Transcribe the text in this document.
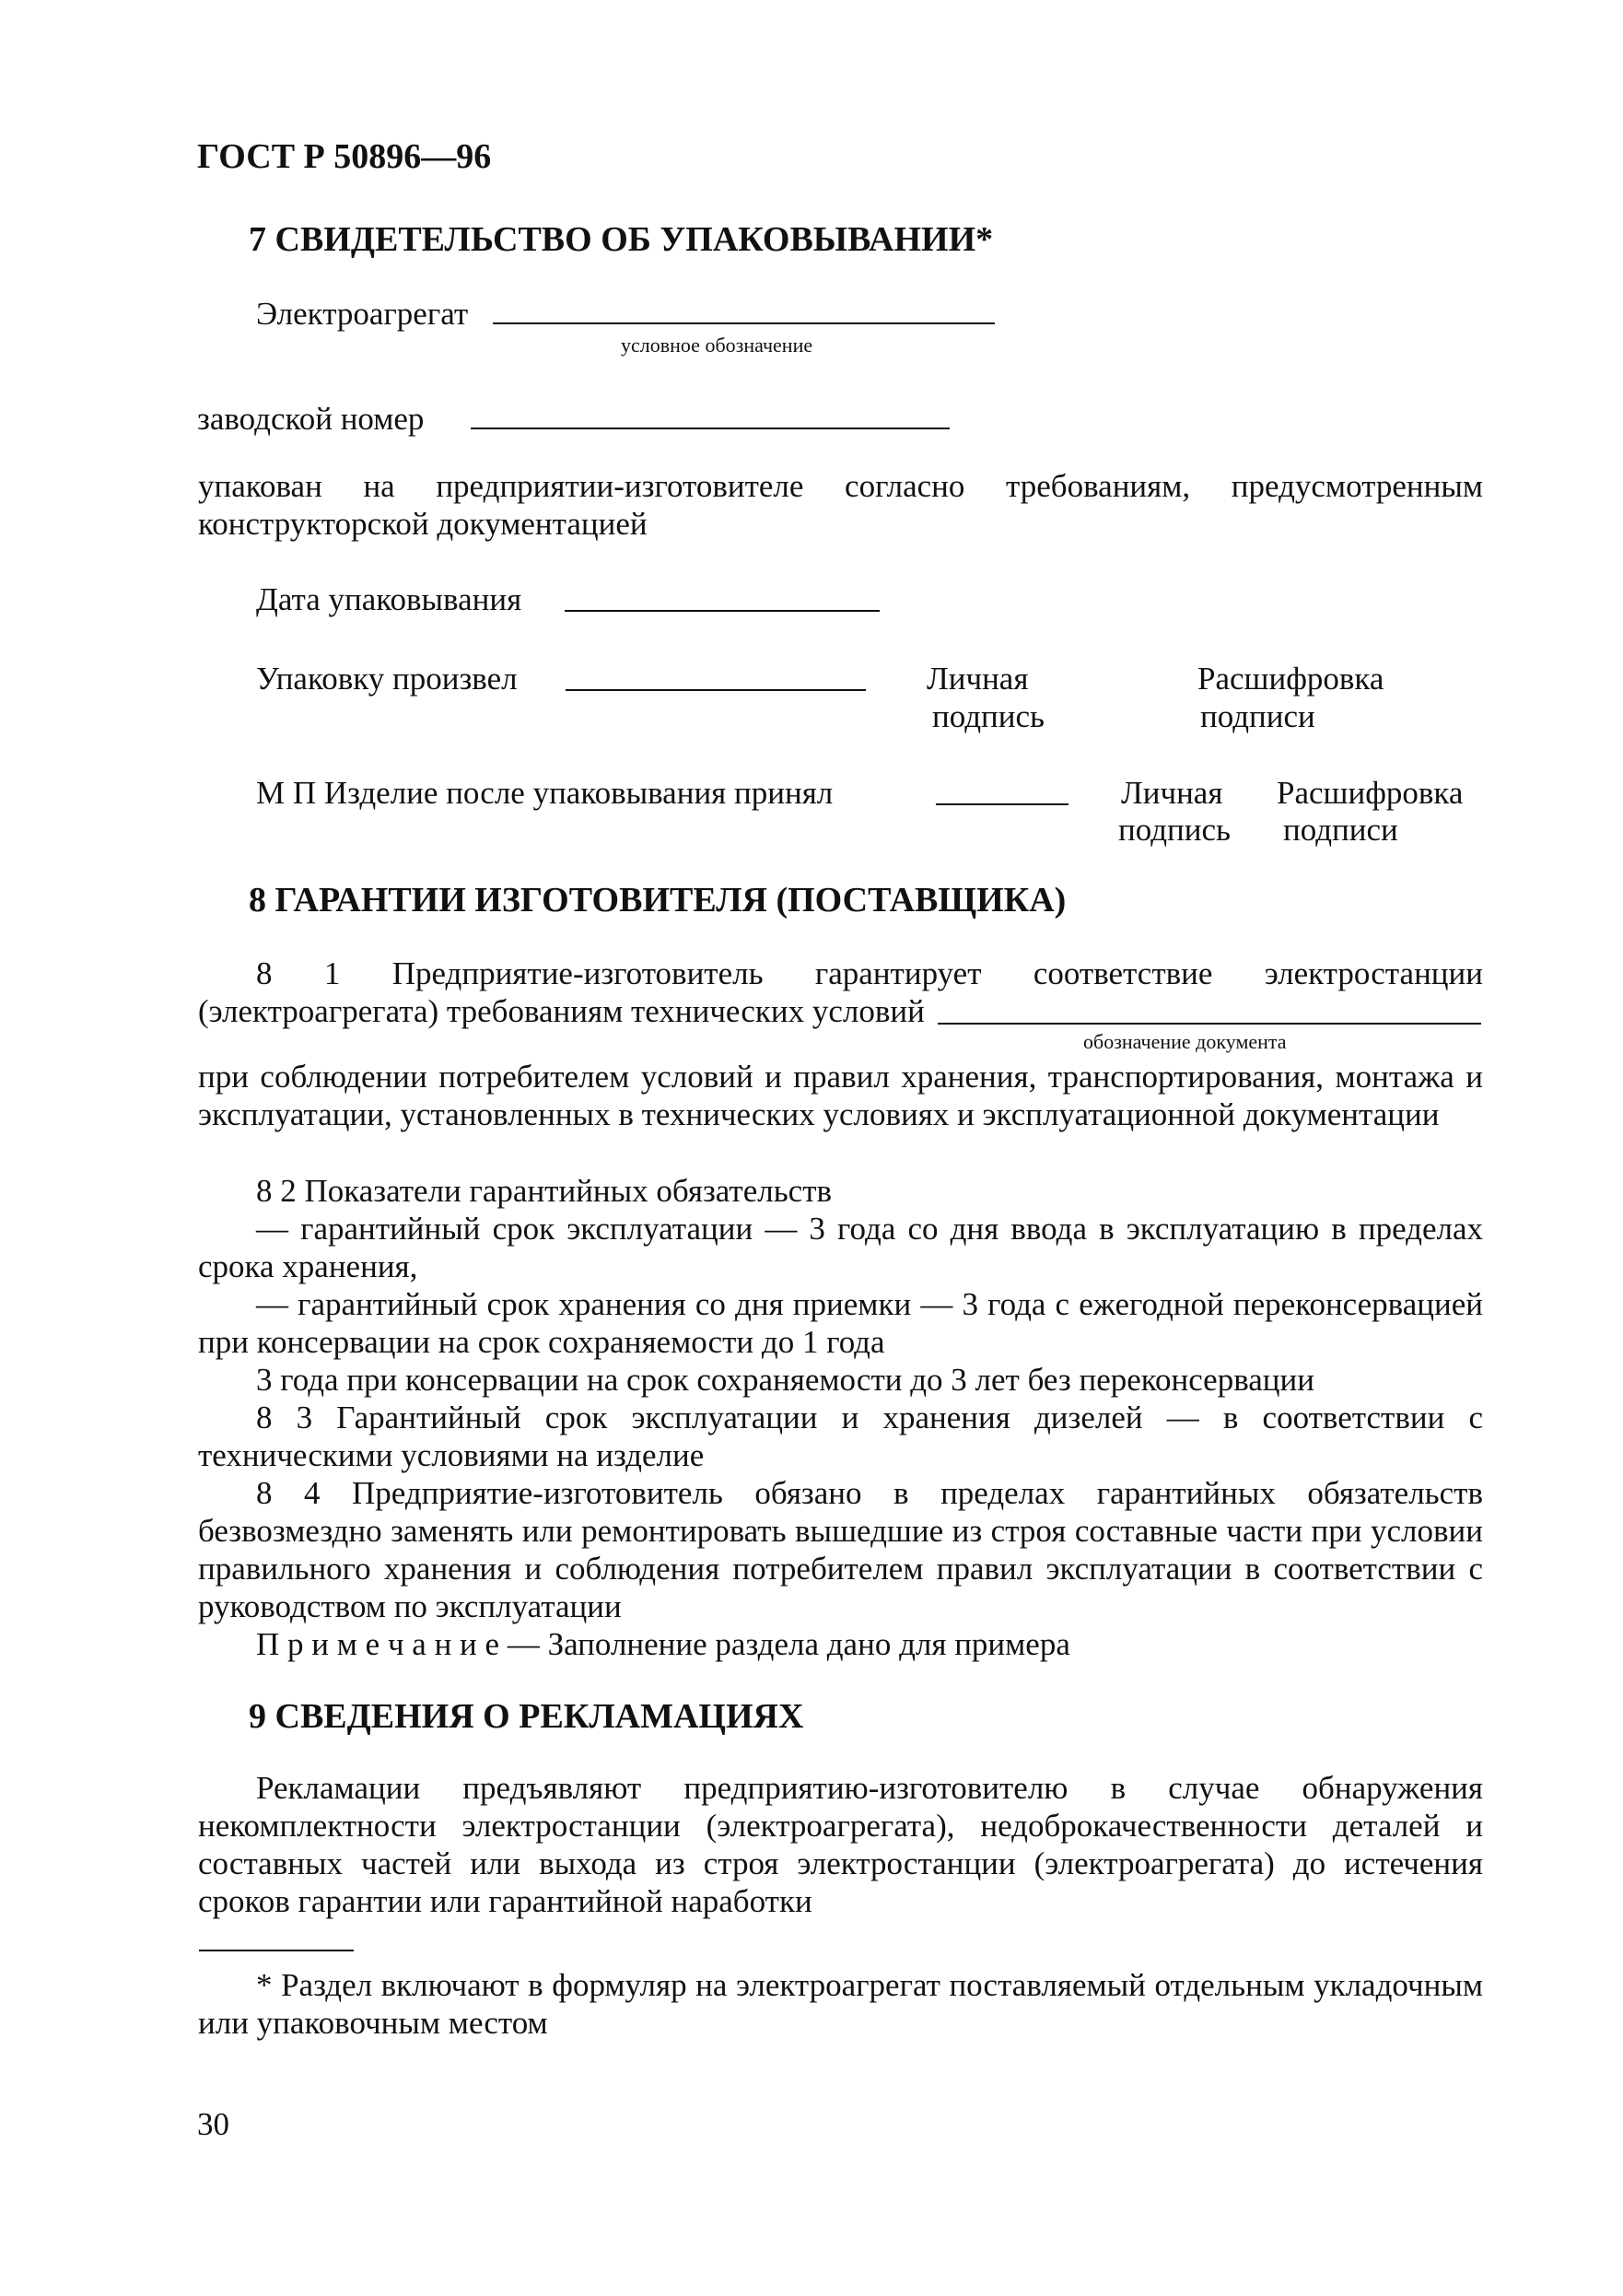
ГОСТ Р 50896—96
7 СВИДЕТЕЛЬСТВО ОБ УПАКОВЫВАНИИ*
Электроагрегат
условное обозначение
заводской номер

упакован на предприятии-изготовителе согласно требованиям, предусмотренным конструкторской документацией

Дата упаковывания
Упаковку произвел	Личная
подпись
Расшифровка
подписи
М П Изделие после упаковывания принял	Личная
подпись
Расшифровка
подписи
8 ГАРАНТИИ ИЗГОТОВИТЕЛЯ (ПОСТАВЩИКА)

8 1 Предприятие-изготовитель гарантирует соответствие электростанции (электроагрегата) требованиям технических условий

обозначение документа

при соблюдении потребителем условий и правил хранения, транспортирования, монтажа и эксплуатации, установленных в технических условиях и эксплуатационной документации

8 2 Показатели гарантийных обязательств

— гарантийный срок эксплуатации — 3 года со дня ввода в эксплуатацию в пределах срока хранения,

— гарантийный срок хранения со дня приемки — 3 года с ежегодной переконсервацией при консервации на срок сохраняемости до 1 года

3 года при консервации на срок сохраняемости до 3 лет без переконсервации

8 3 Гарантийный срок эксплуатации и хранения дизелей — в соответствии с техническими условиями на изделие

8 4 Предприятие-изготовитель обязано в пределах гарантийных обязательств безвозмездно заменять или ремонтировать вышедшие из строя составные части при условии правильного хранения и соблюдения потребителем правил эксплуатации в соответствии с руководством по эксплуатации

П р и м е ч а н и е — Заполнение раздела дано для примера

9 СВЕДЕНИЯ О РЕКЛАМАЦИЯХ

Рекламации предъявляют предприятию-изготовителю в случае обнаружения некомплектности электростанции (электроагрегата), недоброкачественности деталей и составных частей или выхода из строя электростанции (электроагрегата) до истечения сроков гарантии или гарантийной наработки

* Раздел включают в формуляр на электроагрегат поставляемый отдельным укладочным или упаковочным местом

30
